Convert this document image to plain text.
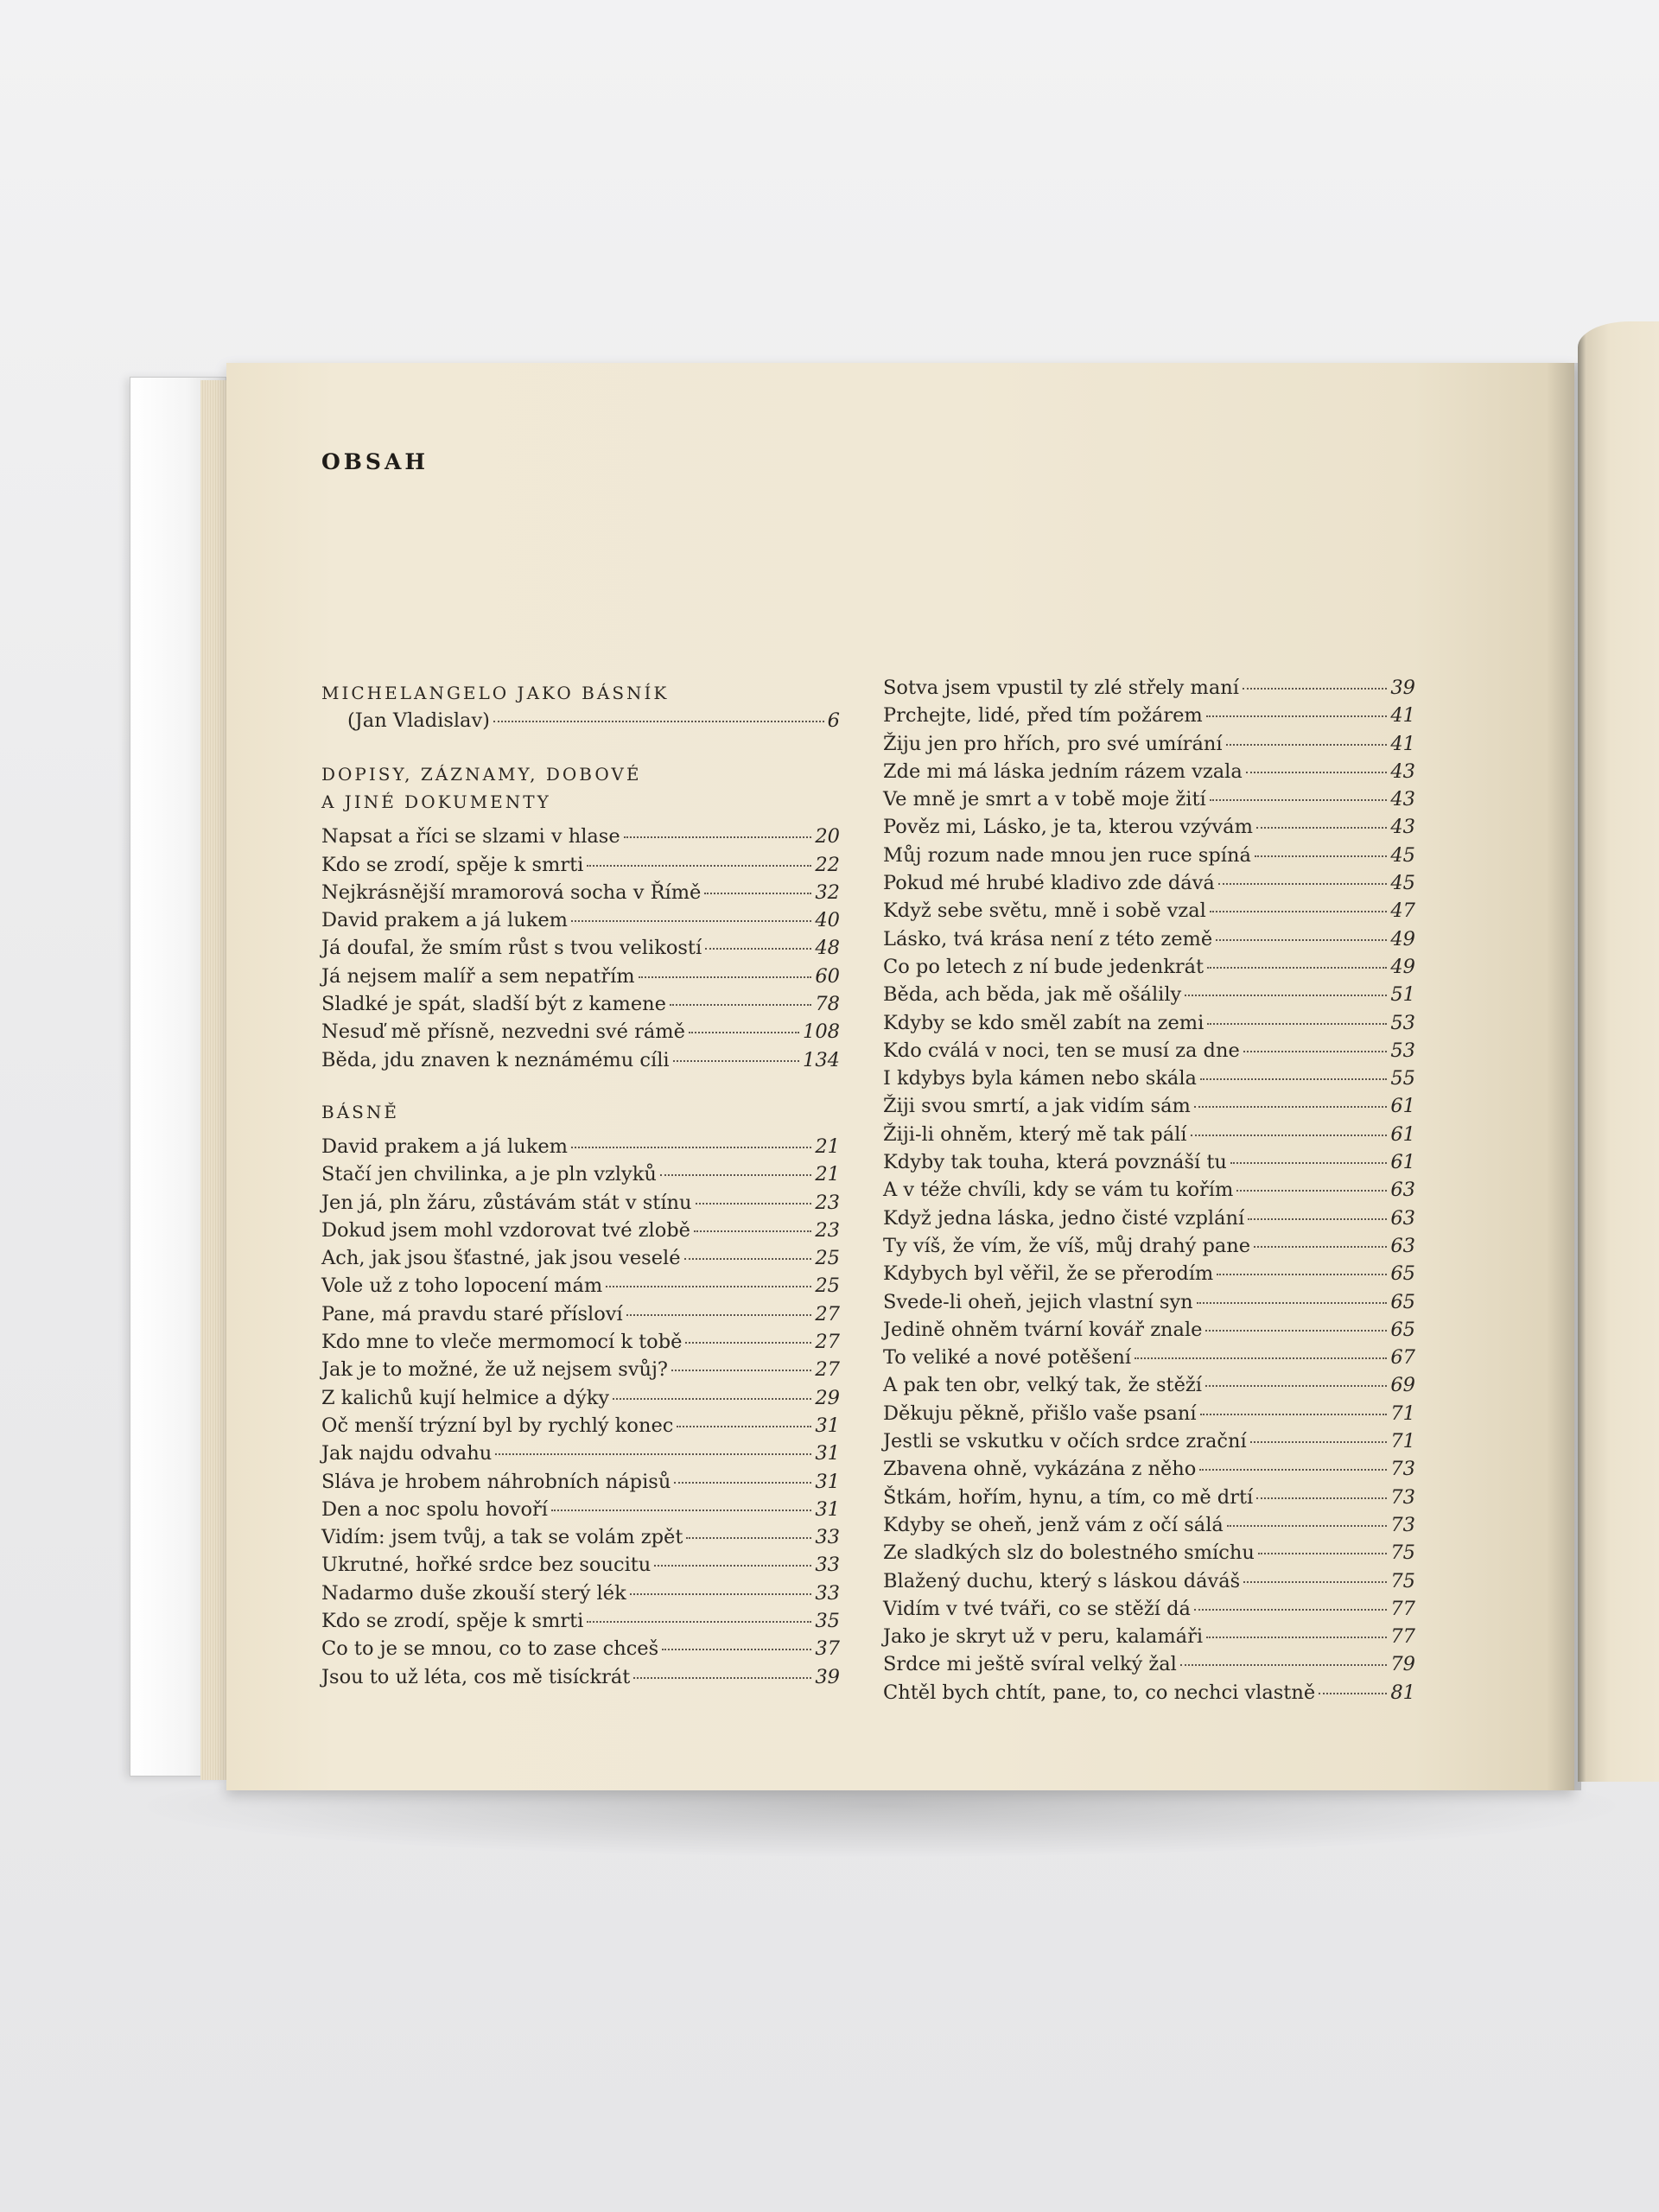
OBSAH
MICHELANGELO JAKO BÁSNÍK
(Jan Vladislav)	6
DOPISY, ZÁZNAMY, DOBOVÉ
A JINÉ DOKUMENTY
Napsat a říci se slzami v hlase	20
Kdo se zrodí, spěje k smrti	22
Nejkrásnější mramorová socha v Římě	32
David prakem a já lukem	40
Já doufal, že smím růst s tvou velikostí	48
Já nejsem malíř a sem nepatřím	60
Sladké je spát, sladší být z kamene	78
Nesuď mě přísně, nezvedni své rámě	108
Běda, jdu znaven k neznámému cíli	134
BÁSNĚ
David prakem a já lukem	21
Stačí jen chvilinka, a je pln vzlyků	21
Jen já, pln žáru, zůstávám stát v stínu	23
Dokud jsem mohl vzdorovat tvé zlobě	23
Ach, jak jsou šťastné, jak jsou veselé	25
Vole už z toho lopocení mám	25
Pane, má pravdu staré přísloví	27
Kdo mne to vleče mermomocí k tobě	27
Jak je to možné, že už nejsem svůj?	27
Z kalichů kují helmice a dýky	29
Oč menší trýzní byl by rychlý konec	31
Jak najdu odvahu	31
Sláva je hrobem náhrobních nápisů	31
Den a noc spolu hovoří	31
Vidím: jsem tvůj, a tak se volám zpět	33
Ukrutné, hořké srdce bez soucitu	33
Nadarmo duše zkouší sterý lék	33
Kdo se zrodí, spěje k smrti	35
Co to je se mnou, co to zase chceš	37
Jsou to už léta, cos mě tisíckrát	39
Sotva jsem vpustil ty zlé střely maní	39
Prchejte, lidé, před tím požárem	41
Žiju jen pro hřích, pro své umírání	41
Zde mi má láska jedním rázem vzala	43
Ve mně je smrt a v tobě moje žití	43
Pověz mi, Lásko, je ta, kterou vzývám	43
Můj rozum nade mnou jen ruce spíná	45
Pokud mé hrubé kladivo zde dává	45
Když sebe světu, mně i sobě vzal	47
Lásko, tvá krása není z této země	49
Co po letech z ní bude jedenkrát	49
Běda, ach běda, jak mě ošálily	51
Kdyby se kdo směl zabít na zemi	53
Kdo cválá v noci, ten se musí za dne	53
I kdybys byla kámen nebo skála	55
Žiji svou smrtí, a jak vidím sám	61
Žiji-li ohněm, který mě tak pálí	61
Kdyby tak touha, která povznáší tu	61
A v téže chvíli, kdy se vám tu kořím	63
Když jedna láska, jedno čisté vzplání	63
Ty víš, že vím, že víš, můj drahý pane	63
Kdybych byl věřil, že se přerodím	65
Svede-li oheň, jejich vlastní syn	65
Jedině ohněm tvární kovář znale	65
To veliké a nové potěšení	67
A pak ten obr, velký tak, že stěží	69
Děkuju pěkně, přišlo vaše psaní	71
Jestli se vskutku v očích srdce zrační	71
Zbavena ohně, vykázána z něho	73
Štkám, hořím, hynu, a tím, co mě drtí	73
Kdyby se oheň, jenž vám z očí sálá	73
Ze sladkých slz do bolestného smíchu	75
Blažený duchu, který s láskou dáváš	75
Vidím v tvé tváři, co se stěží dá	77
Jako je skryt už v peru, kalamáři	77
Srdce mi ještě svíral velký žal	79
Chtěl bych chtít, pane, to, co nechci vlastně	81
